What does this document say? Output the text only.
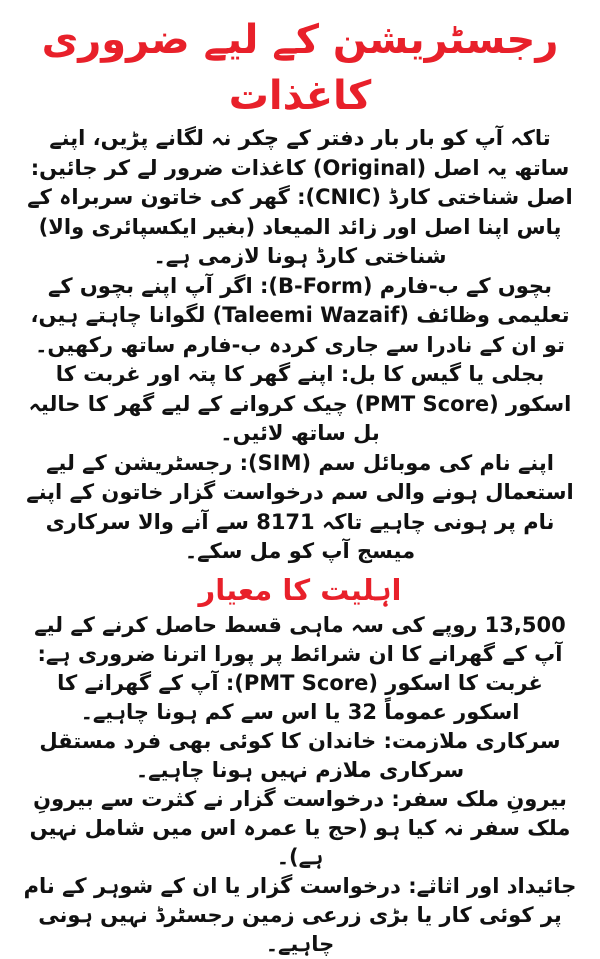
رجسٹریشن کے لیے ضروری کاغذات

تاکہ آپ کو بار بار دفتر کے چکر نہ لگانے پڑیں، اپنے ساتھ یہ اصل (Original) کاغذات ضرور لے کر جائیں:

اصل شناختی کارڈ (CNIC): گھر کی خاتون سربراہ کے پاس اپنا اصل اور زائد المیعاد (بغیر ایکسپائری والا) شناختی کارڈ ہونا لازمی ہے۔

بچوں کے ب-فارم (B-Form): اگر آپ اپنے بچوں کے تعلیمی وظائف (Taleemi Wazaif) لگوانا چاہتے ہیں، تو ان کے نادرا سے جاری کردہ ب-فارم ساتھ رکھیں۔

بجلی یا گیس کا بل: اپنے گھر کا پتہ اور غربت کا اسکور (PMT Score) چیک کروانے کے لیے گھر کا حالیہ بل ساتھ لائیں۔

اپنے نام کی موبائل سم (SIM): رجسٹریشن کے لیے استعمال ہونے والی سم درخواست گزار خاتون کے اپنے نام پر ہونی چاہیے تاکہ 8171 سے آنے والا سرکاری میسج آپ کو مل سکے۔

اہلیت کا معیار

13,500 روپے کی سہ ماہی قسط حاصل کرنے کے لیے آپ کے گھرانے کا ان شرائط پر پورا اترنا ضروری ہے:

غربت کا اسکور (PMT Score): آپ کے گھرانے کا اسکور عموماً 32 یا اس سے کم ہونا چاہیے۔

سرکاری ملازمت: خاندان کا کوئی بھی فرد مستقل سرکاری ملازم نہیں ہونا چاہیے۔

بیرونِ ملک سفر: درخواست گزار نے کثرت سے بیرونِ ملک سفر نہ کیا ہو (حج یا عمرہ اس میں شامل نہیں ہے)۔

جائیداد اور اثاثے: درخواست گزار یا ان کے شوہر کے نام پر کوئی کار یا بڑی زرعی زمین رجسٹرڈ نہیں ہونی چاہیے۔
